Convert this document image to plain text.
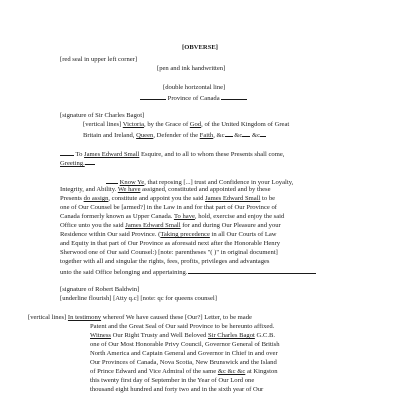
[OBVERSE]
[red seal in upper left corner]
[pen and ink handwritten]
[double horizontal line]
Province of Canada
[signature of Sir Charles Bagot]
[vertical lines] Victoria, by the Grace of God, of the United Kingdom of Great
Britain and Ireland, Queen, Defender of the Faith, &c &c &c
To James Edward Small Esquire, and to all to whom these Presents shall come,
Greeting.
Know Ye, that reposing [...] trust and Confidence in your Loyalty,
Integrity, and Ability. We have assigned, constituted and appointed and by these
Presents do assign, constitute and appoint you the said James Edward Small to be
one of Our Counsel be [armed?] in the Law in and for that part of Our Province of
Canada formerly known as Upper Canada. To have, hold, exercise and enjoy the said
Office unto you the said James Edward Small for and during Our Pleasure and your
Residence within Our said Province. (Taking precedence in all Our Courts of Law
and Equity in that part of Our Province as aforesaid next after the Honorable Henry
Sherwood one of Our said Counsel:) [note: parentheses "( )" in original document]
together with all and singular the rights, fees, profits, privileges and advantages
unto the said Office belonging and appertaining.
[signature of Robert Baldwin]
[underline flourish] [Atty q.c] [note: qc for queens counsel]
[vertical lines] In testimony whereof We have caused these [Our?] Letter, to be made
Patent and the Great Seal of Our said Province to be hereunto affixed.
Witness Our Right Trusty and Well Beloved Sir Charles Bagot G.C.B.
one of Our Most Honorable Privy Council, Governor General of British
North America and Captain General and Governor in Chief in and over
Our Provinces of Canada, Nova Scotia, New Brunswick and the Island
of Prince Edward and Vice Admiral of the same &c &c &c at Kingston
this twenty first day of September in the Year of Our Lord one
thousand eight hundred and forty two and in the sixth year of Our
